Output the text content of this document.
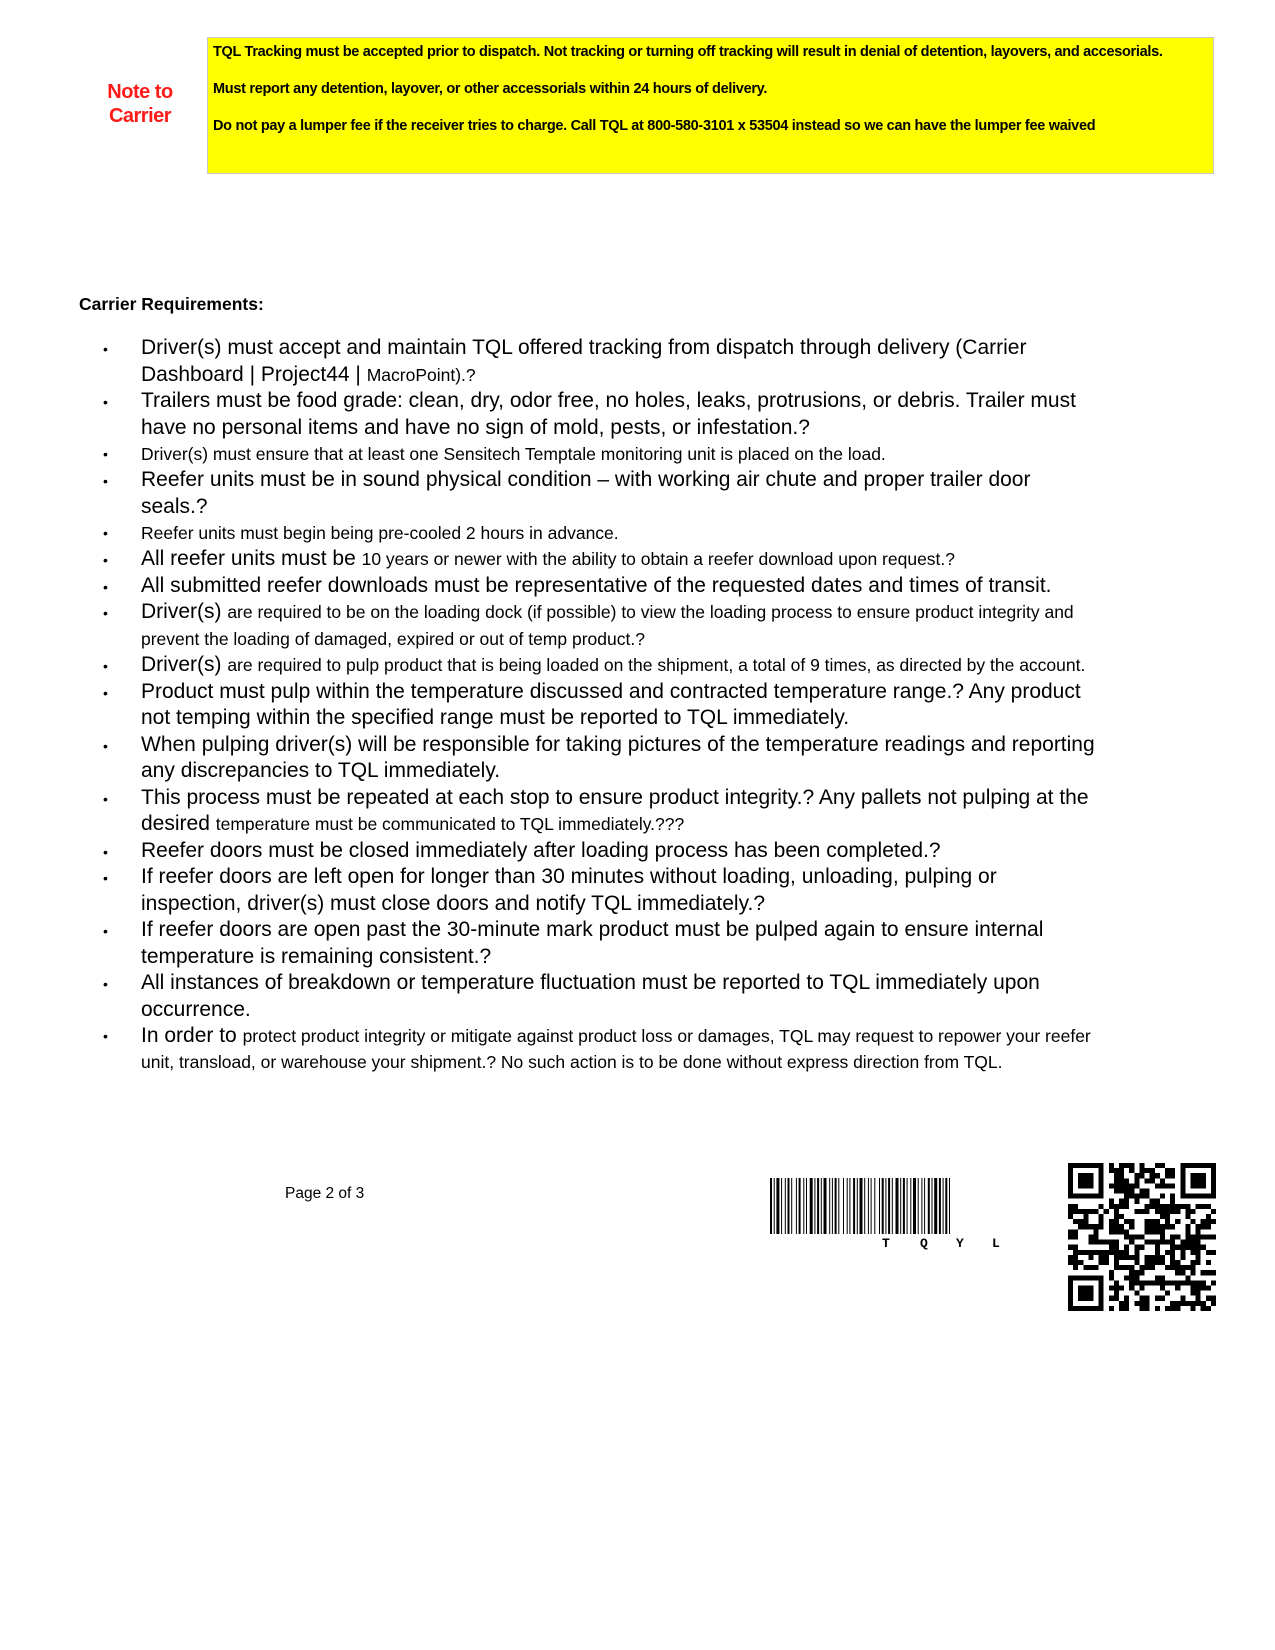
Note to
Carrier

TQL Tracking must be accepted prior to dispatch. Not tracking or turning off tracking will result in denial of detention, layovers, and accesorials.

Must report any detention, layover, or other accessorials within 24 hours of delivery.

Do not pay a lumper fee if the receiver tries to charge. Call TQL at 800-580-3101 x 53504 instead so we can have the lumper fee waived

Carrier Requirements:
• Driver(s) must accept and maintain TQL offered tracking from dispatch through delivery (Carrier Dashboard | Project44 | MacroPoint).?
• Trailers must be food grade: clean, dry, odor free, no holes, leaks, protrusions, or debris. Trailer must have no personal items and have no sign of mold, pests, or infestation.?
• Driver(s) must ensure that at least one Sensitech Temptale monitoring unit is placed on the load.
• Reefer units must be in sound physical condition – with working air chute and proper trailer door seals.?
• Reefer units must begin being pre-cooled 2 hours in advance.
• All reefer units must be 10 years or newer with the ability to obtain a reefer download upon request.?
• All submitted reefer downloads must be representative of the requested dates and times of transit.
• Driver(s) are required to be on the loading dock (if possible) to view the loading process to ensure product integrity and prevent the loading of damaged, expired or out of temp product.?
• Driver(s) are required to pulp product that is being loaded on the shipment, a total of 9 times, as directed by the account.
• Product must pulp within the temperature discussed and contracted temperature range.? Any product not temping within the specified range must be reported to TQL immediately.
• When pulping driver(s) will be responsible for taking pictures of the temperature readings and reporting any discrepancies to TQL immediately.
• This process must be repeated at each stop to ensure product integrity.? Any pallets not pulping at the desired temperature must be communicated to TQL immediately.???
• Reefer doors must be closed immediately after loading process has been completed.?
• If reefer doors are left open for longer than 30 minutes without loading, unloading, pulping or inspection, driver(s) must close doors and notify TQL immediately.?
• If reefer doors are open past the 30-minute mark product must be pulped again to ensure internal temperature is remaining consistent.?
• All instances of breakdown or temperature fluctuation must be reported to TQL immediately upon occurrence.
• In order to protect product integrity or mitigate against product loss or damages, TQL may request to repower your reefer unit, transload, or warehouse your shipment.? No such action is to be done without express direction from TQL.
Page 2 of 3
T Q Y L
